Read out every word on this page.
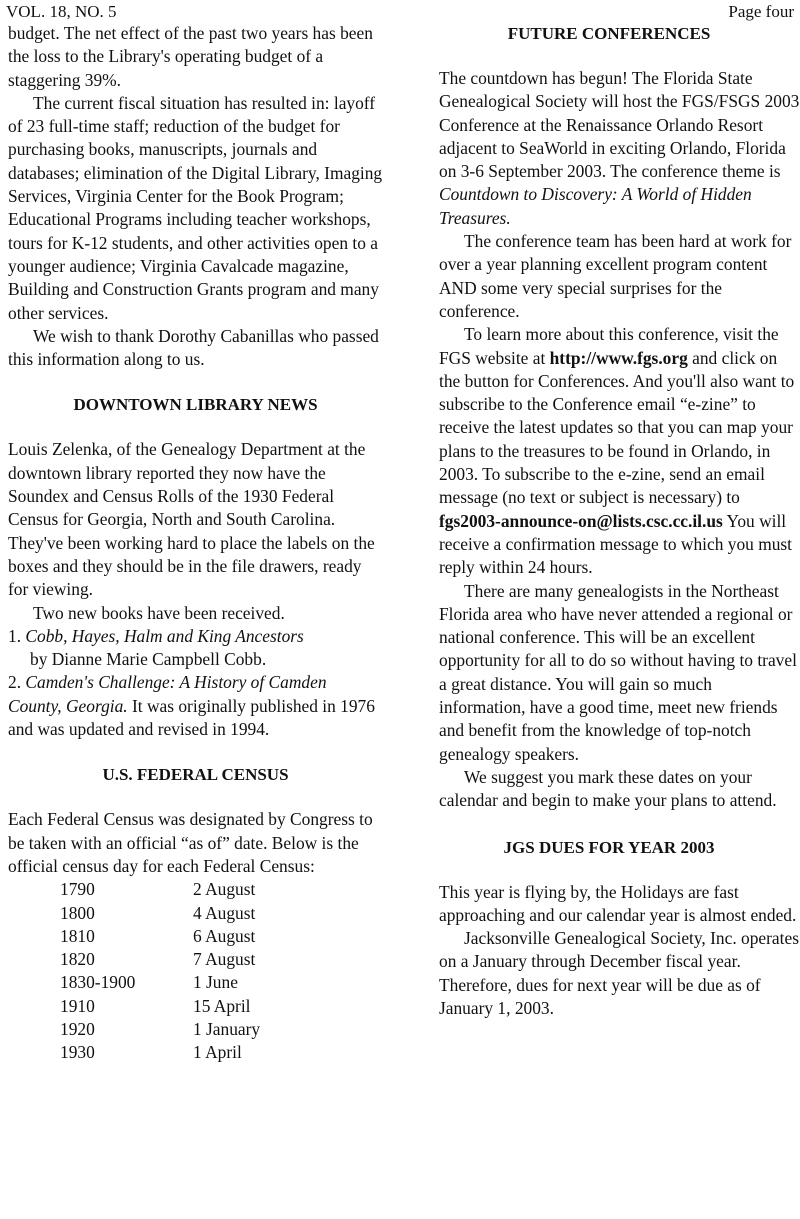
VOL. 18, NO. 5	Page four

budget. The net effect of the past two years has been the loss to the Library's operating budget of a staggering 39%.

The current fiscal situation has resulted in: layoff of 23 full-time staff; reduction of the budget for purchasing books, manuscripts, journals and databases; elimination of the Digital Library, Imaging Services, Virginia Center for the Book Program; Educational Programs including teacher workshops, tours for K-12 students, and other activities open to a younger audience; Virginia Cavalcade magazine, Building and Construction Grants program and many other services.

We wish to thank Dorothy Cabanillas who passed this information along to us.

DOWNTOWN LIBRARY NEWS

Louis Zelenka, of the Genealogy Department at the downtown library reported they now have the Soundex and Census Rolls of the 1930 Federal Census for Georgia, North and South Carolina. They've been working hard to place the labels on the boxes and they should be in the file drawers, ready for viewing.

Two new books have been received.

1. Cobb, Hayes, Halm and King Ancestors

by Dianne Marie Campbell Cobb.

2. Camden's Challenge: A History of Camden County, Georgia. It was originally published in 1976 and was updated and revised in 1994.

U.S. FEDERAL CENSUS

Each Federal Census was designated by Congress to be taken with an official “as of” date. Below is the official census day for each Federal Census:

1790	2 August
1800	4 August
1810	6 August
1820	7 August
1830-1900	1 June
1910	15 April
1920	1 January
1930	1 April
FUTURE CONFERENCES

The countdown has begun! The Florida State Genealogical Society will host the FGS/FSGS 2003 Conference at the Renaissance Orlando Resort adjacent to SeaWorld in exciting Orlando, Florida on 3-6 September 2003. The conference theme is Countdown to Discovery: A World of Hidden Treasures.

The conference team has been hard at work for over a year planning excellent program content AND some very special surprises for the conference.

To learn more about this conference, visit the FGS website at http://www.fgs.org and click on the button for Conferences. And you'll also want to subscribe to the Conference email “e-zine” to receive the latest updates so that you can map your plans to the treasures to be found in Orlando, in 2003. To subscribe to the e-zine, send an email message (no text or subject is necessary) to fgs2003-announce-on@lists.csc.cc.il.us You will receive a confirmation message to which you must reply within 24 hours.

There are many genealogists in the Northeast Florida area who have never attended a regional or national conference. This will be an excellent opportunity for all to do so without having to travel a great distance. You will gain so much information, have a good time, meet new friends and benefit from the knowledge of top-notch genealogy speakers.

We suggest you mark these dates on your calendar and begin to make your plans to attend.

JGS DUES FOR YEAR 2003

This year is flying by, the Holidays are fast approaching and our calendar year is almost ended.

Jacksonville Genealogical Society, Inc. operates on a January through December fiscal year. Therefore, dues for next year will be due as of January 1, 2003.
